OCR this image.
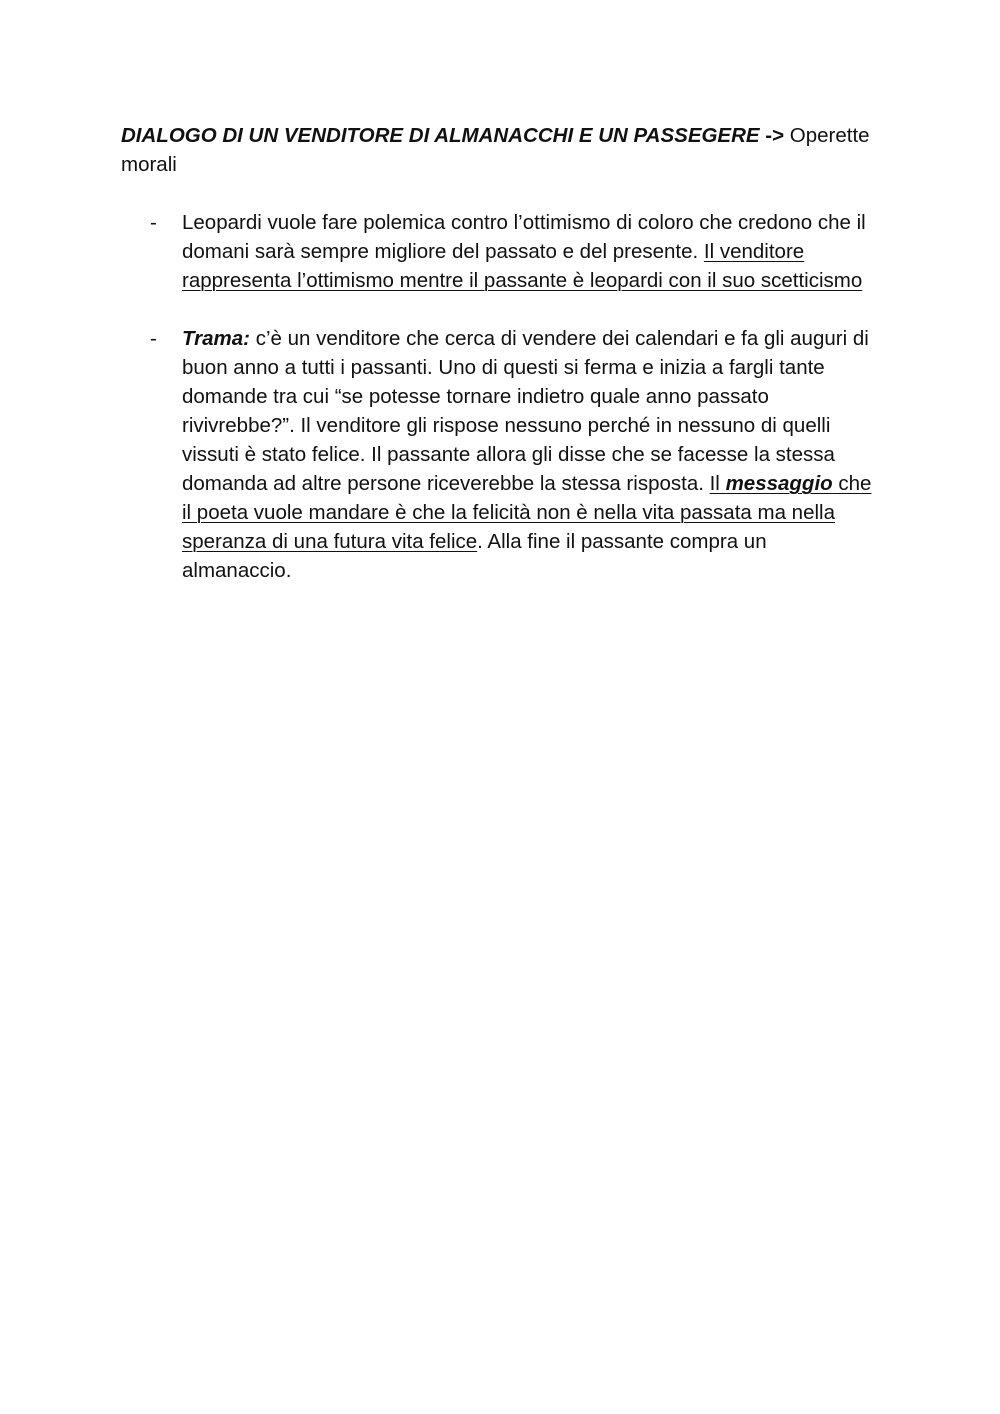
DIALOGO DI UN VENDITORE DI ALMANACCHI E UN PASSEGERE -> Operette morali

- Leopardi vuole fare polemica contro l’ottimismo di coloro che credono che il domani sarà sempre migliore del passato e del presente. Il venditore rappresenta l’ottimismo mentre il passante è leopardi con il suo scetticismo
- Trama: c’è un venditore che cerca di vendere dei calendari e fa gli auguri di buon anno a tutti i passanti. Uno di questi si ferma e inizia a fargli tante domande tra cui “se potesse tornare indietro quale anno passato rivivrebbe?”. Il venditore gli rispose nessuno perché in nessuno di quelli vissuti è stato felice. Il passante allora gli disse che se facesse la stessa domanda ad altre persone riceverebbe la stessa risposta. Il messaggio che il poeta vuole mandare è che la felicità non è nella vita passata ma nella speranza di una futura vita felice. Alla fine il passante compra un almanaccio.
